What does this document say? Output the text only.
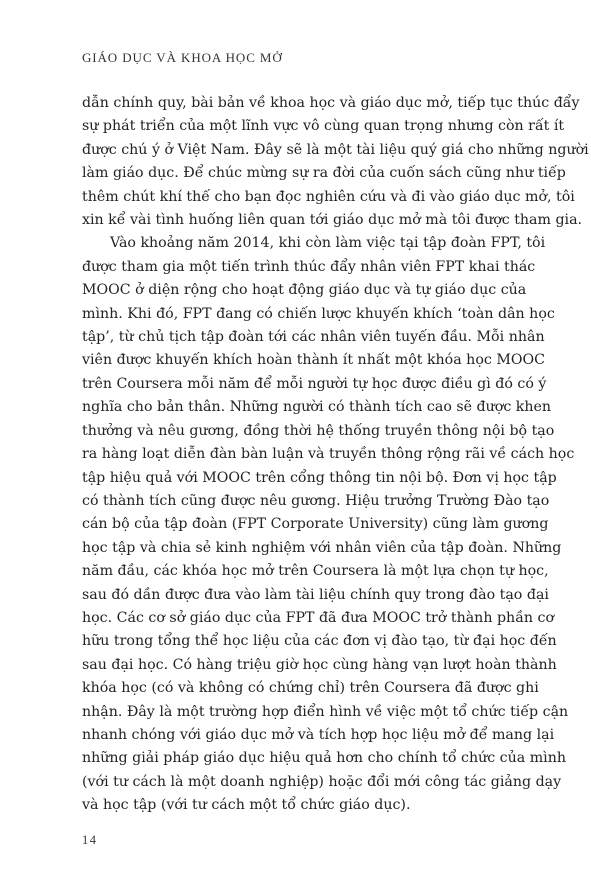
GIÁO DỤC VÀ KHOA HỌC MỞ
dẫn chính quy, bài bản về khoa học và giáo dục mở, tiếp tục thúc đẩy
sự phát triển của một lĩnh vực vô cùng quan trọng nhưng còn rất ít
được chú ý ở Việt Nam. Đây sẽ là một tài liệu quý giá cho những người
làm giáo dục. Để chúc mừng sự ra đời của cuốn sách cũng như tiếp
thêm chút khí thế cho bạn đọc nghiên cứu và đi vào giáo dục mở, tôi
xin kể vài tình huống liên quan tới giáo dục mở mà tôi được tham gia.
Vào khoảng năm 2014, khi còn làm việc tại tập đoàn FPT, tôi
được tham gia một tiến trình thúc đẩy nhân viên FPT khai thác
MOOC ở diện rộng cho hoạt động giáo dục và tự giáo dục của
mình. Khi đó, FPT đang có chiến lược khuyến khích ‘toàn dân học
tập’, từ chủ tịch tập đoàn tới các nhân viên tuyến đầu. Mỗi nhân
viên được khuyến khích hoàn thành ít nhất một khóa học MOOC
trên Coursera mỗi năm để mỗi người tự học được điều gì đó có ý
nghĩa cho bản thân. Những người có thành tích cao sẽ được khen
thưởng và nêu gương, đồng thời hệ thống truyền thông nội bộ tạo
ra hàng loạt diễn đàn bàn luận và truyền thông rộng rãi về cách học
tập hiệu quả với MOOC trên cổng thông tin nội bộ. Đơn vị học tập
có thành tích cũng được nêu gương. Hiệu trưởng Trường Đào tạo
cán bộ của tập đoàn (FPT Corporate University) cũng làm gương
học tập và chia sẻ kinh nghiệm với nhân viên của tập đoàn. Những
năm đầu, các khóa học mở trên Coursera là một lựa chọn tự học,
sau đó dần được đưa vào làm tài liệu chính quy trong đào tạo đại
học. Các cơ sở giáo dục của FPT đã đưa MOOC trở thành phần cơ
hữu trong tổng thể học liệu của các đơn vị đào tạo, từ đại học đến
sau đại học. Có hàng triệu giờ học cùng hàng vạn lượt hoàn thành
khóa học (có và không có chứng chỉ) trên Coursera đã được ghi
nhận. Đây là một trường hợp điển hình về việc một tổ chức tiếp cận
nhanh chóng với giáo dục mở và tích hợp học liệu mở để mang lại
những giải pháp giáo dục hiệu quả hơn cho chính tổ chức của mình
(với tư cách là một doanh nghiệp) hoặc đổi mới công tác giảng dạy
và học tập (với tư cách một tổ chức giáo dục).
14
